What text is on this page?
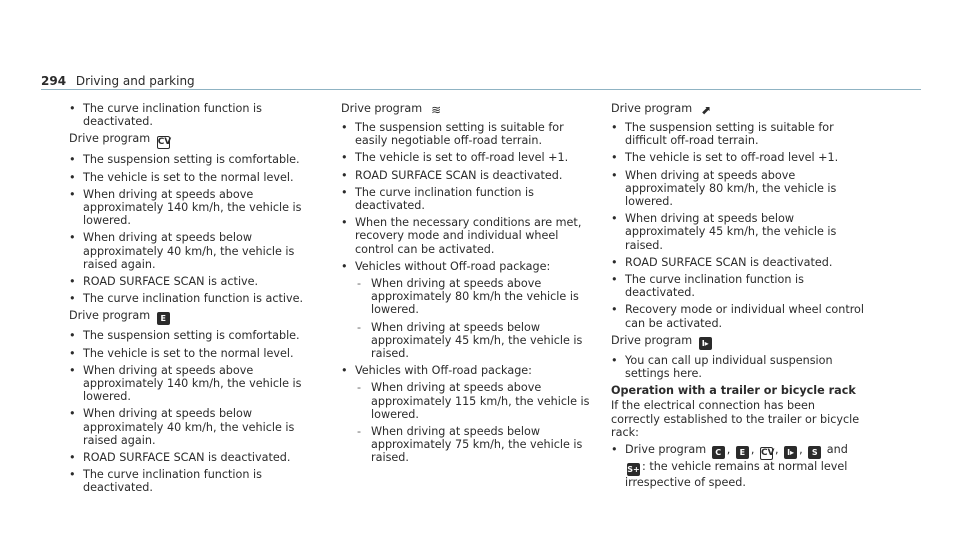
294 Driving and parking
• The curve inclination function is deactivated.
Drive program CV
• The suspension setting is comfortable.
• The vehicle is set to the normal level.
• When driving at speeds above approximately 140 km/h, the vehicle is lowered.
• When driving at speeds below approximately 40 km/h, the vehicle is raised again.
• ROAD SURFACE SCAN is active.
• The curve inclination function is active.
Drive program E
• The suspension setting is comfortable.
• The vehicle is set to the normal level.
• When driving at speeds above approximately 140 km/h, the vehicle is lowered.
• When driving at speeds below approximately 40 km/h, the vehicle is raised again.
• ROAD SURFACE SCAN is deactivated.
• The curve inclination function is deactivated.
Drive program ≋
• The suspension setting is suitable for easily negotiable off-road terrain.
• The vehicle is set to off-road level +1.
• ROAD SURFACE SCAN is deactivated.
• The curve inclination function is deactivated.
• When the necessary conditions are met, recovery mode and individual wheel control can be activated.
• Vehicles without Off-road package:
- When driving at speeds above approximately 80 km/h the vehicle is lowered.
- When driving at speeds below approximately 45 km/h, the vehicle is raised.
• Vehicles with Off-road package:
- When driving at speeds above approximately 115 km/h, the vehicle is lowered.
- When driving at speeds below approximately 75 km/h, the vehicle is raised.
Drive program ⬈
• The suspension setting is suitable for difficult off-road terrain.
• The vehicle is set to off-road level +1.
• When driving at speeds above approximately 80 km/h, the vehicle is lowered.
• When driving at speeds below approximately 45 km/h, the vehicle is raised.
• ROAD SURFACE SCAN is deactivated.
• The curve inclination function is deactivated.
• Recovery mode or individual wheel control can be activated.
Drive program I▸
• You can call up individual suspension settings here.
Operation with a trailer or bicycle rack
If the electrical connection has been correctly established to the trailer or bicycle rack:
• Drive program C , E , CV, I▸ , S and S+ : the vehicle remains at normal level irrespective of speed.
